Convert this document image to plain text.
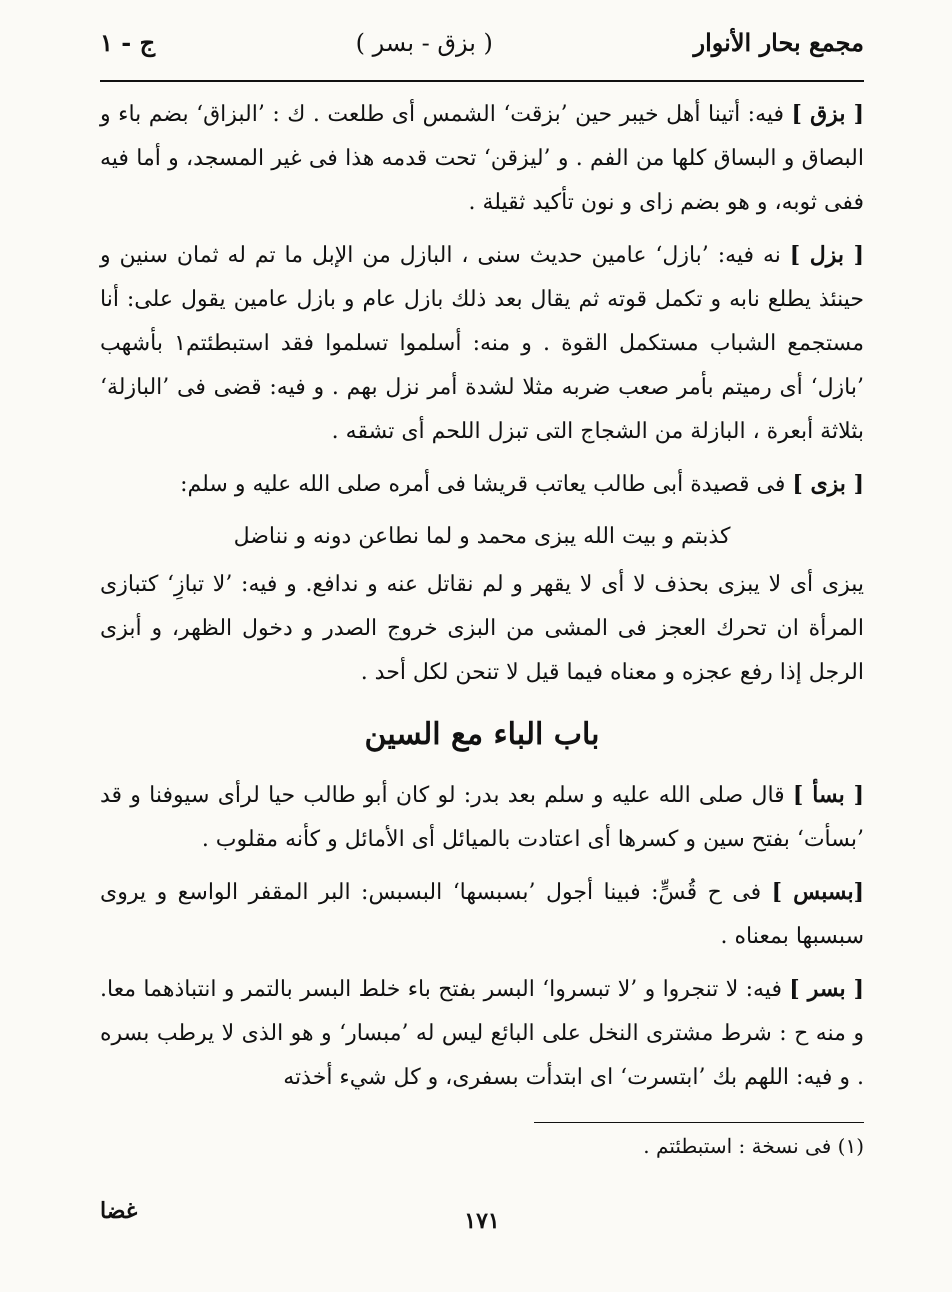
مجمع بحار الأنوار
( بزق - بسر )
ج - ١
[ بزق ] فيه: أتينا أهل خيبر حين ’بزقت‘ الشمس أى طلعت . ك : ’البزاق‘ بضم باء و البصاق و البساق كلها من الفم . و ’ليزقن‘ تحت قدمه هذا فى غير المسجد، و أما فيه ففى ثوبه، و هو بضم زاى و نون تأكيد ثقيلة .
[ بزل ] نه فيه: ’بازل‘ عامين حديث سنى ، البازل من الإبل ما تم له ثمان سنين و حينئذ يطلع نابه و تكمل قوته ثم يقال بعد ذلك بازل عام و بازل عامين يقول على: أنا مستجمع الشباب مستكمل القوة . و منه: أسلموا تسلموا فقد استبطئتم١ بأشهب ’بازل‘ أى رميتم بأمر صعب ضربه مثلا لشدة أمر نزل بهم . و فيه: قضى فى ’البازلة‘ بثلاثة أبعرة ، البازلة من الشجاج التى تبزل اللحم أى تشقه .
[ بزى ] فى قصيدة أبى طالب يعاتب قريشا فى أمره صلى الله عليه و سلم:
كذبتم و بيت الله يبزى محمد و لما نطاعن دونه و نناضل
يبزى أى لا يبزى بحذف لا أى لا يقهر و لم نقاتل عنه و ندافع. و فيه: ’لا تبازِ‘ كتبازى المرأة ان تحرك العجز فى المشى من البزى خروج الصدر و دخول الظهر، و أبزى الرجل إذا رفع عجزه و معناه فيما قيل لا تنحن لكل أحد .
باب الباء مع السين
[ بسأ ] قال صلى الله عليه و سلم بعد بدر: لو كان أبو طالب حيا لرأى سيوفنا و قد ’بسأت‘ بفتح سين و كسرها أى اعتادت بالميائل أى الأمائل و كأنه مقلوب .
[بسبس ] فى ح قُسٍّ: فبينا أجول ’بسبسها‘ البسبس: البر المقفر الواسع و يروى سبسبها بمعناه .
[ بسر ] فيه: لا تنجروا و ’لا تبسروا‘ البسر بفتح باء خلط البسر بالتمر و انتباذهما معا. و منه ح : شرط مشترى النخل على البائع ليس له ’مبسار‘ و هو الذى لا يرطب بسره . و فيه: اللهم بك ’ابتسرت‘ اى ابتدأت بسفرى، و كل شيء أخذته
(١) فى نسخة : استبطئتم .
١٧١
غضا
